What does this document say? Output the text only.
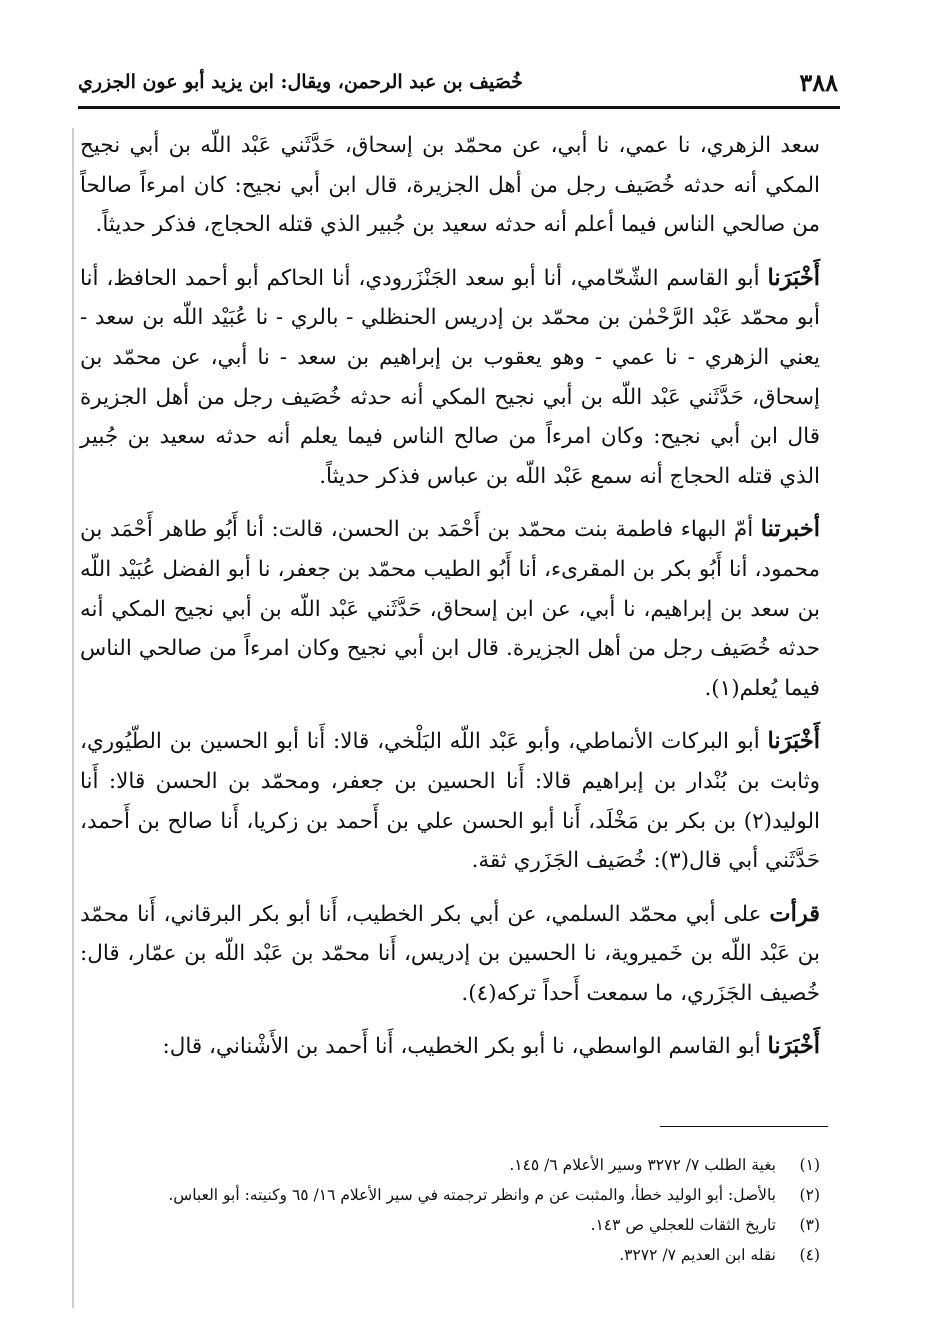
٣٨٨
خُصَيف بن عبد الرحمن، ويقال: ابن يزيد أبو عون الجزري

سعد الزهري، نا عمي، نا أبي، عن محمّد بن إسحاق، حَدَّثَني عَبْد اللّه بن أبي نجيح المكي أنه حدثه خُصَيف رجل من أهل الجزيرة، قال ابن أبي نجيح: كان امرءاً صالحاً من صالحي الناس فيما أعلم أنه حدثه سعيد بن جُبير الذي قتله الحجاج، فذكر حديثاً.

أَخْبَرَنا أبو القاسم الشّحّامي، أنا أبو سعد الجَنْزَرودي، أنا الحاكم أبو أحمد الحافظ، أنا أبو محمّد عَبْد الرَّحْمٰن بن محمّد بن إدريس الحنظلي - بالري - نا عُبَيْد اللّه بن سعد - يعني الزهري - نا عمي - وهو يعقوب بن إبراهيم بن سعد - نا أبي، عن محمّد بن إسحاق، حَدَّثَني عَبْد اللّه بن أبي نجيح المكي أنه حدثه خُصَيف رجل من أهل الجزيرة قال ابن أبي نجيح: وكان امرءاً من صالح الناس فيما يعلم أنه حدثه سعيد بن جُبير الذي قتله الحجاج أنه سمع عَبْد اللّه بن عباس فذكر حديثاً.

أخبرتنا أمّ البهاء فاطمة بنت محمّد بن أَحْمَد بن الحسن، قالت: أنا أَبُو طاهر أَحْمَد بن محمود، أنا أَبُو بكر بن المقرىء، أنا أَبُو الطيب محمّد بن جعفر، نا أبو الفضل عُبَيْد اللّه بن سعد بن إبراهيم، نا أبي، عن ابن إسحاق، حَدَّثَني عَبْد اللّه بن أبي نجيح المكي أنه حدثه خُصَيف رجل من أهل الجزيرة. قال ابن أبي نجيح وكان امرءاً من صالحي الناس فيما يُعلم(١).

أَخْبَرَنا أبو البركات الأنماطي، وأبو عَبْد اللّه البَلْخي، قالا: أَنا أبو الحسين بن الطّيُوري، وثابت بن بُنْدار بن إبراهيم قالا: أَنا الحسين بن جعفر، ومحمّد بن الحسن قالا: أَنا الوليد(٢) بن بكر بن مَخْلَد، أَنا أبو الحسن علي بن أَحمد بن زكريا، أَنا صالح بن أَحمد، حَدَّثَني أبي قال(٣): خُصَيف الجَزَري ثقة.

قرأت على أبي محمّد السلمي، عن أبي بكر الخطيب، أَنا أبو بكر البرقاني، أَنا محمّد بن عَبْد اللّه بن خَميروية، نا الحسين بن إدريس، أَنا محمّد بن عَبْد اللّه بن عمّار، قال: خُصيف الجَزَري، ما سمعت أَحداً تركه(٤).

أَخْبَرَنا أبو القاسم الواسطي، نا أبو بكر الخطيب، أَنا أَحمد بن الأَشْناني، قال:

(١)بغية الطلب ٧/ ٣٢٧٢ وسير الأعلام ٦/ ١٤٥.
(٢)بالأصل: أبو الوليد خطأ، والمثبت عن م وانظر ترجمته في سير الأعلام ١٦/ ٦٥ وكنيته: أبو العباس.
(٣)تاريخ الثقات للعجلي ص ١٤٣.
(٤)نقله ابن العديم ٧/ ٣٢٧٢.
